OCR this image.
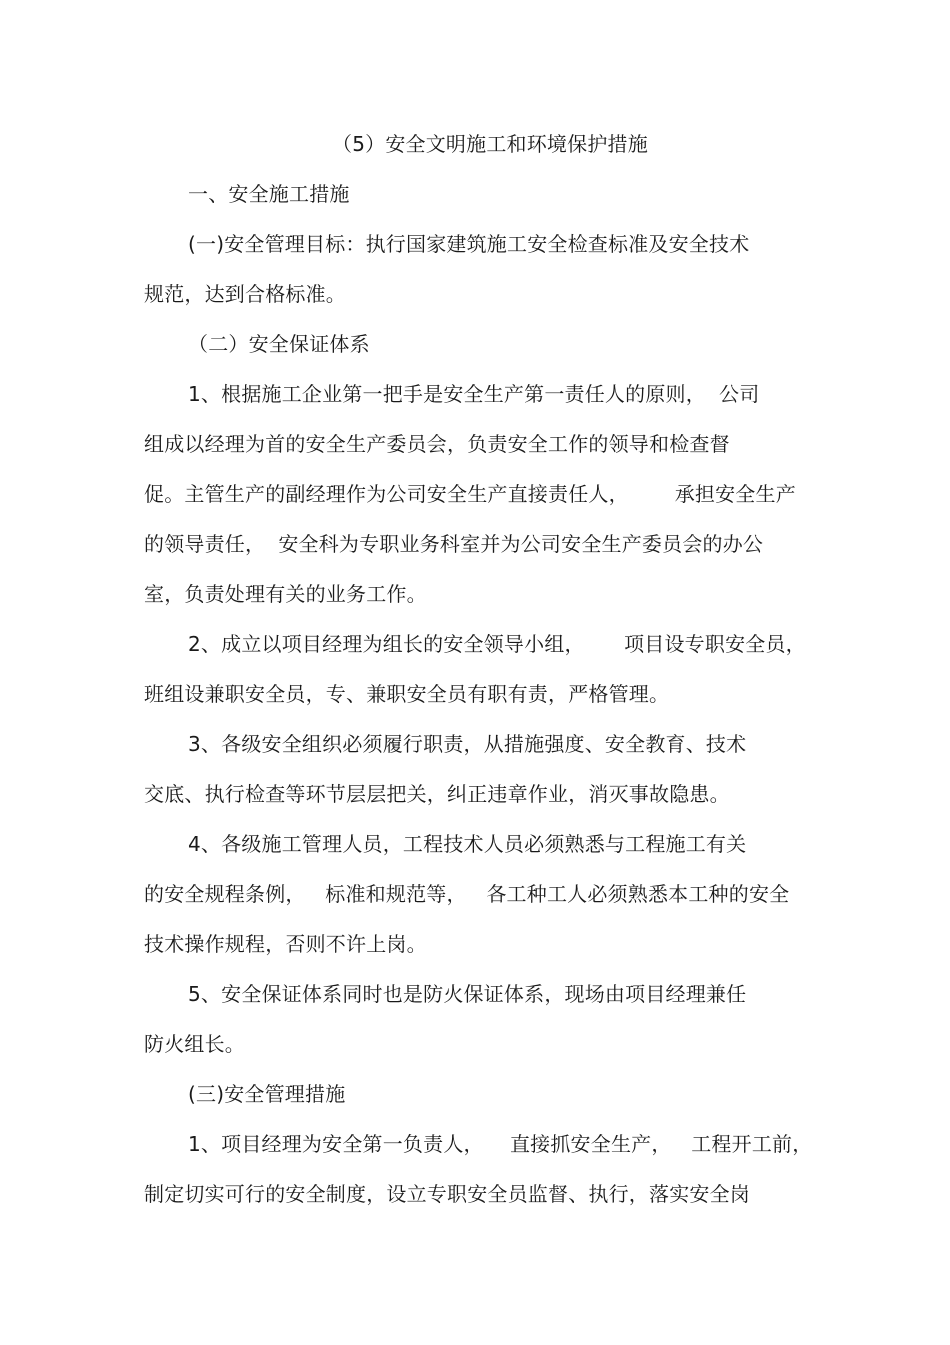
（5）安全文明施工和环境保护措施
一、安全施工措施
(一)安全管理目标：执行国家建筑施工安全检查标准及安全技术
规范，达到合格标准。
（二）安全保证体系
1、根据施工企业第一把手是安全生产第一责任人的原则，  公司
组成以经理为首的安全生产委员会，负责安全工作的领导和检查督
促。主管生产的副经理作为公司安全生产直接责任人，       承担安全生产
的领导责任，  安全科为专职业务科室并为公司安全生产委员会的办公
室，负责处理有关的业务工作。
2、成立以项目经理为组长的安全领导小组，      项目设专职安全员，
班组设兼职安全员，专、兼职安全员有职有责，严格管理。
3、各级安全组织必须履行职责，从措施强度、安全教育、技术
交底、执行检查等环节层层把关，纠正违章作业，消灭事故隐患。
4、各级施工管理人员，工程技术人员必须熟悉与工程施工有关
的安全规程条例，   标准和规范等，   各工种工人必须熟悉本工种的安全
技术操作规程，否则不许上岗。
5、安全保证体系同时也是防火保证体系，现场由项目经理兼任
防火组长。
(三)安全管理措施
1、项目经理为安全第一负责人，    直接抓安全生产，   工程开工前，
制定切实可行的安全制度，设立专职安全员监督、执行，落实安全岗
